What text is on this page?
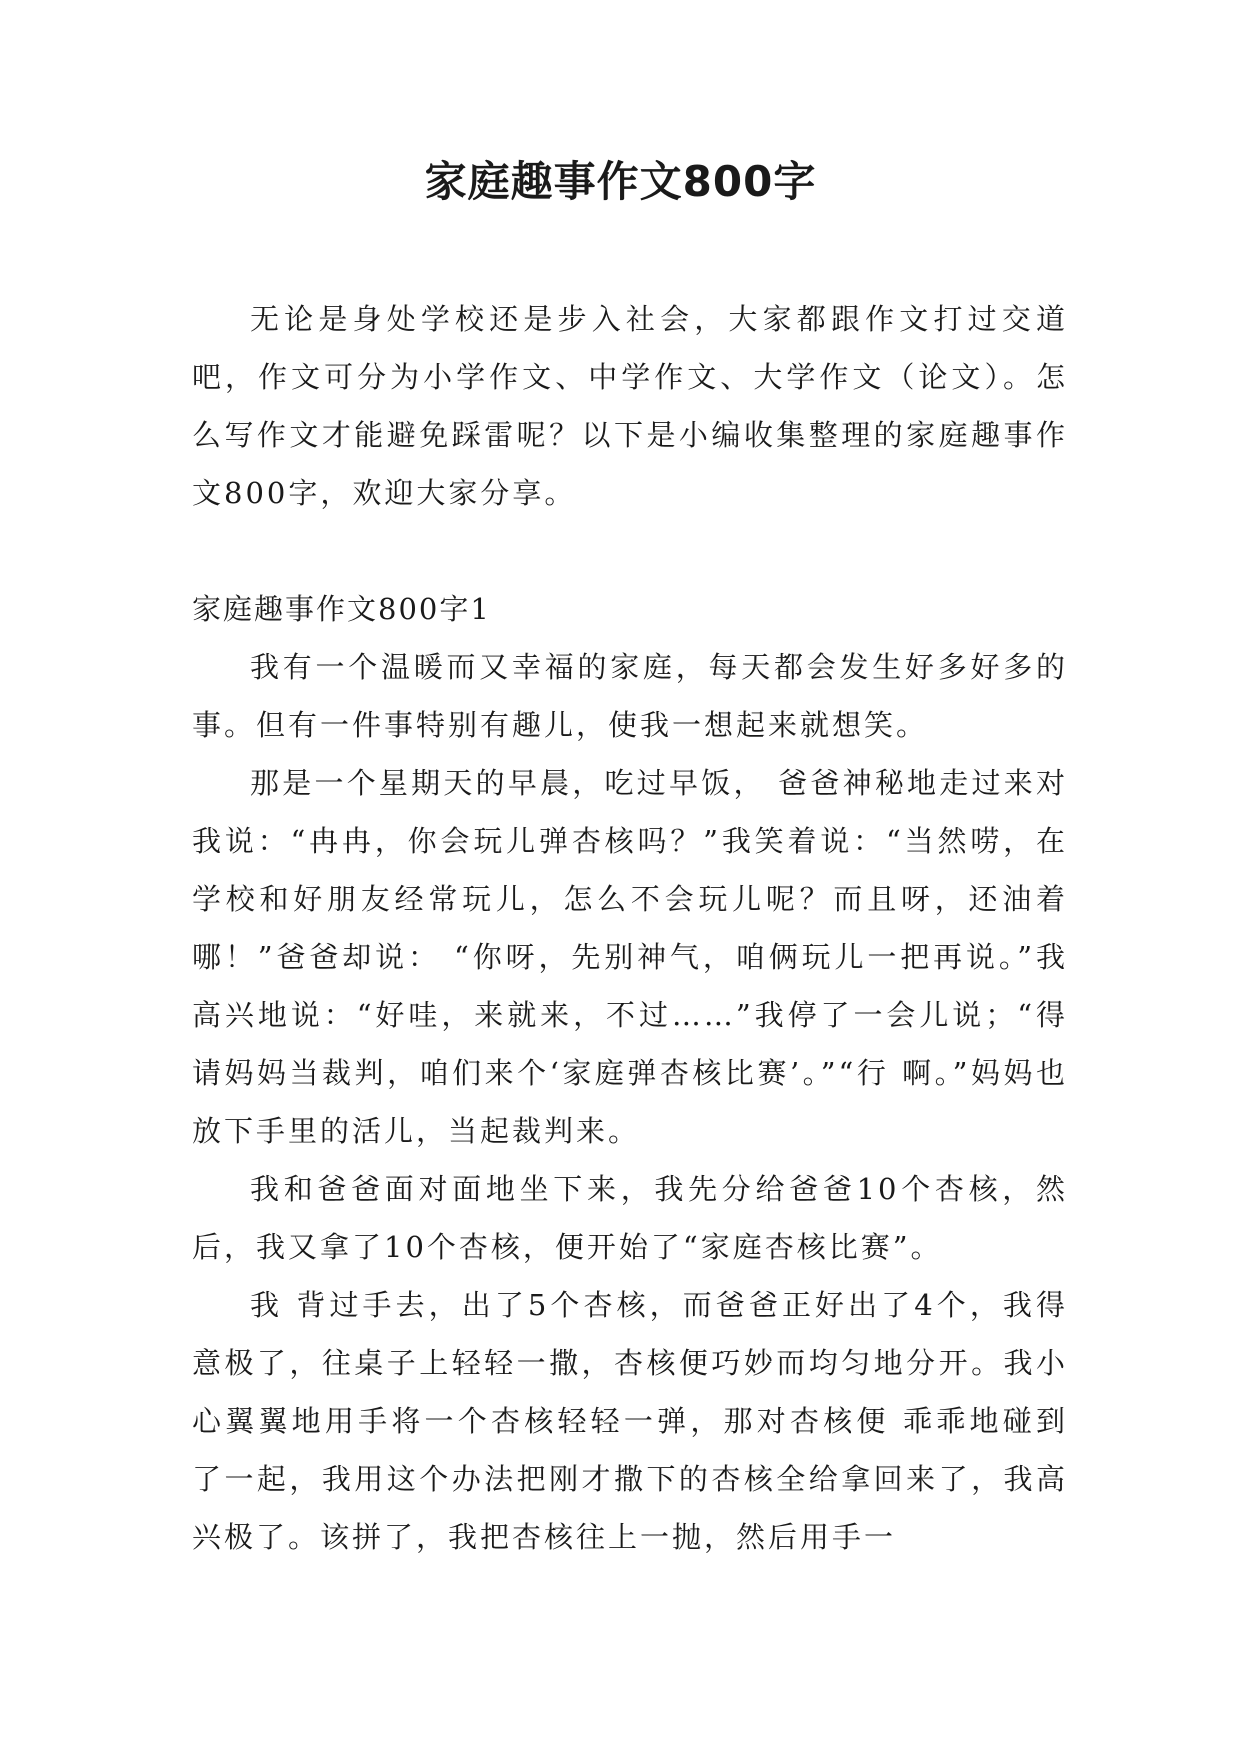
家庭趣事作文800字

无论是身处学校还是步入社会，大家都跟作文打过交道吧，作文可分为小学作文、中学作文、大学作文（论文）。怎么写作文才能避免踩雷呢？以下是小编收集整理的家庭趣事作文800字，欢迎大家分享。

家庭趣事作文800字1

我有一个温暖而又幸福的家庭，每天都会发生好多好多的事。但有一件事特别有趣儿，使我一想起来就想笑。

那是一个星期天的早晨，吃过早饭， 爸爸神秘地走过来对我说：“冉冉，你会玩儿弹杏核吗？”我笑着说：“当然唠，在学校和好朋友经常玩儿，怎么不会玩儿呢？而且呀，还油着哪！”爸爸却说： “你呀，先别神气，咱俩玩儿一把再说。”我高兴地说：“好哇，来就来，不过……”我停了一会儿说；“得请妈妈当裁判，咱们来个‘家庭弹杏核比赛’。”“行 啊。”妈妈也放下手里的活儿，当起裁判来。

我和爸爸面对面地坐下来，我先分给爸爸10个杏核，然后，我又拿了10个杏核，便开始了“家庭杏核比赛”。

我 背过手去，出了5个杏核，而爸爸正好出了4个，我得意极了，往桌子上轻轻一撒，杏核便巧妙而均匀地分开。我小心翼翼地用手将一个杏核轻轻一弹，那对杏核便 乖乖地碰到了一起，我用这个办法把刚才撒下的杏核全给拿回来了，我高兴极了。该拼了，我把杏核往上一抛，然后用手一
